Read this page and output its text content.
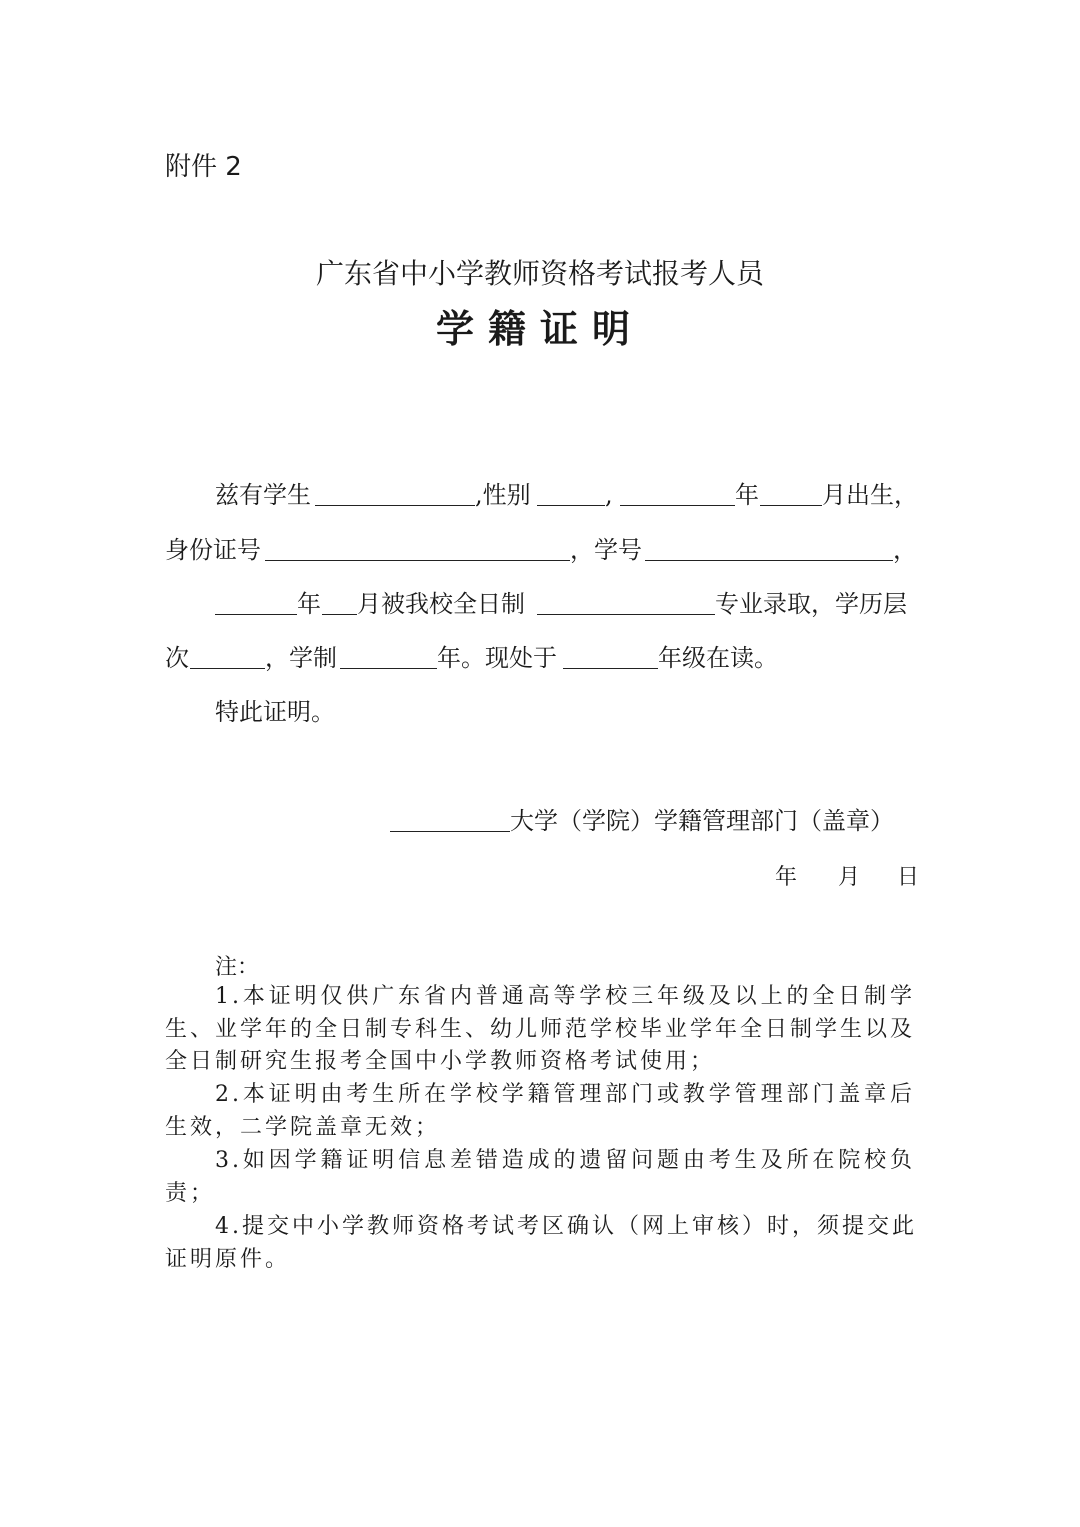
附件 2
广东省中小学教师资格考试报考人员
学籍证明
兹有学生	,性别	,	年	月出生，
身份证号	，学号	，
年 月被我校全日制	专业录取，学历层
次	，学制	年。现处于	年级在读。
特此证明。
大学（学院）学籍管理部门（盖章）
年 月 日
注：
1.本证明仅供广东省内普通高等学校三年级及以上的全日制学
生、业学年的全日制专科生、幼儿师范学校毕业学年全日制学生以及
全日制研究生报考全国中小学教师资格考试使用；
2.本证明由考生所在学校学籍管理部门或教学管理部门盖章后
生效，二学院盖章无效；
3.如因学籍证明信息差错造成的遗留问题由考生及所在院校负
责；
4.提交中小学教师资格考试考区确认（网上审核）时，须提交此
证明原件。
